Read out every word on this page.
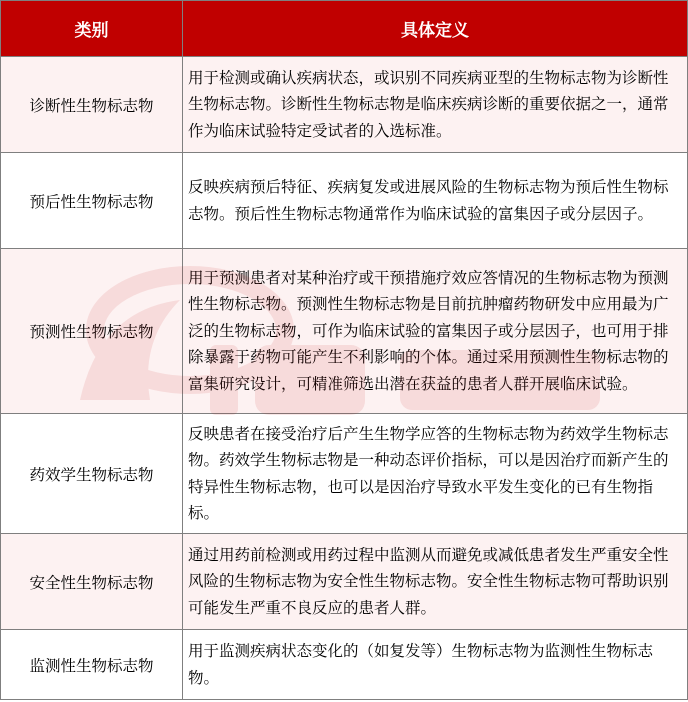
类别	具体定义
诊断性生物标志物	用于检测或确认疾病状态，或识别不同疾病亚型的生物标志物为诊断性生物标志物。诊断性生物标志物是临床疾病诊断的重要依据之一，通常作为临床试验特定受试者的入选标准。
预后性生物标志物	反映疾病预后特征、疾病复发或进展风险的生物标志物为预后性生物标志物。预后性生物标志物通常作为临床试验的富集因子或分层因子。
预测性生物标志物	用于预测患者对某种治疗或干预措施疗效应答情况的生物标志物为预测性生物标志物。预测性生物标志物是目前抗肿瘤药物研发中应用最为广泛的生物标志物，可作为临床试验的富集因子或分层因子，也可用于排除暴露于药物可能产生不利影响的个体。通过采用预测性生物标志物的富集研究设计，可精准筛选出潜在获益的患者人群开展临床试验。
药效学生物标志物	反映患者在接受治疗后产生生物学应答的生物标志物为药效学生物标志物。药效学生物标志物是一种动态评价指标，可以是因治疗而新产生的特异性生物标志物，也可以是因治疗导致水平发生变化的已有生物指标。
安全性生物标志物	通过用药前检测或用药过程中监测从而避免或减低患者发生严重安全性风险的生物标志物为安全性生物标志物。安全性生物标志物可帮助识别可能发生严重不良反应的患者人群。
监测性生物标志物	用于监测疾病状态变化的（如复发等）生物标志物为监测性生物标志物。
